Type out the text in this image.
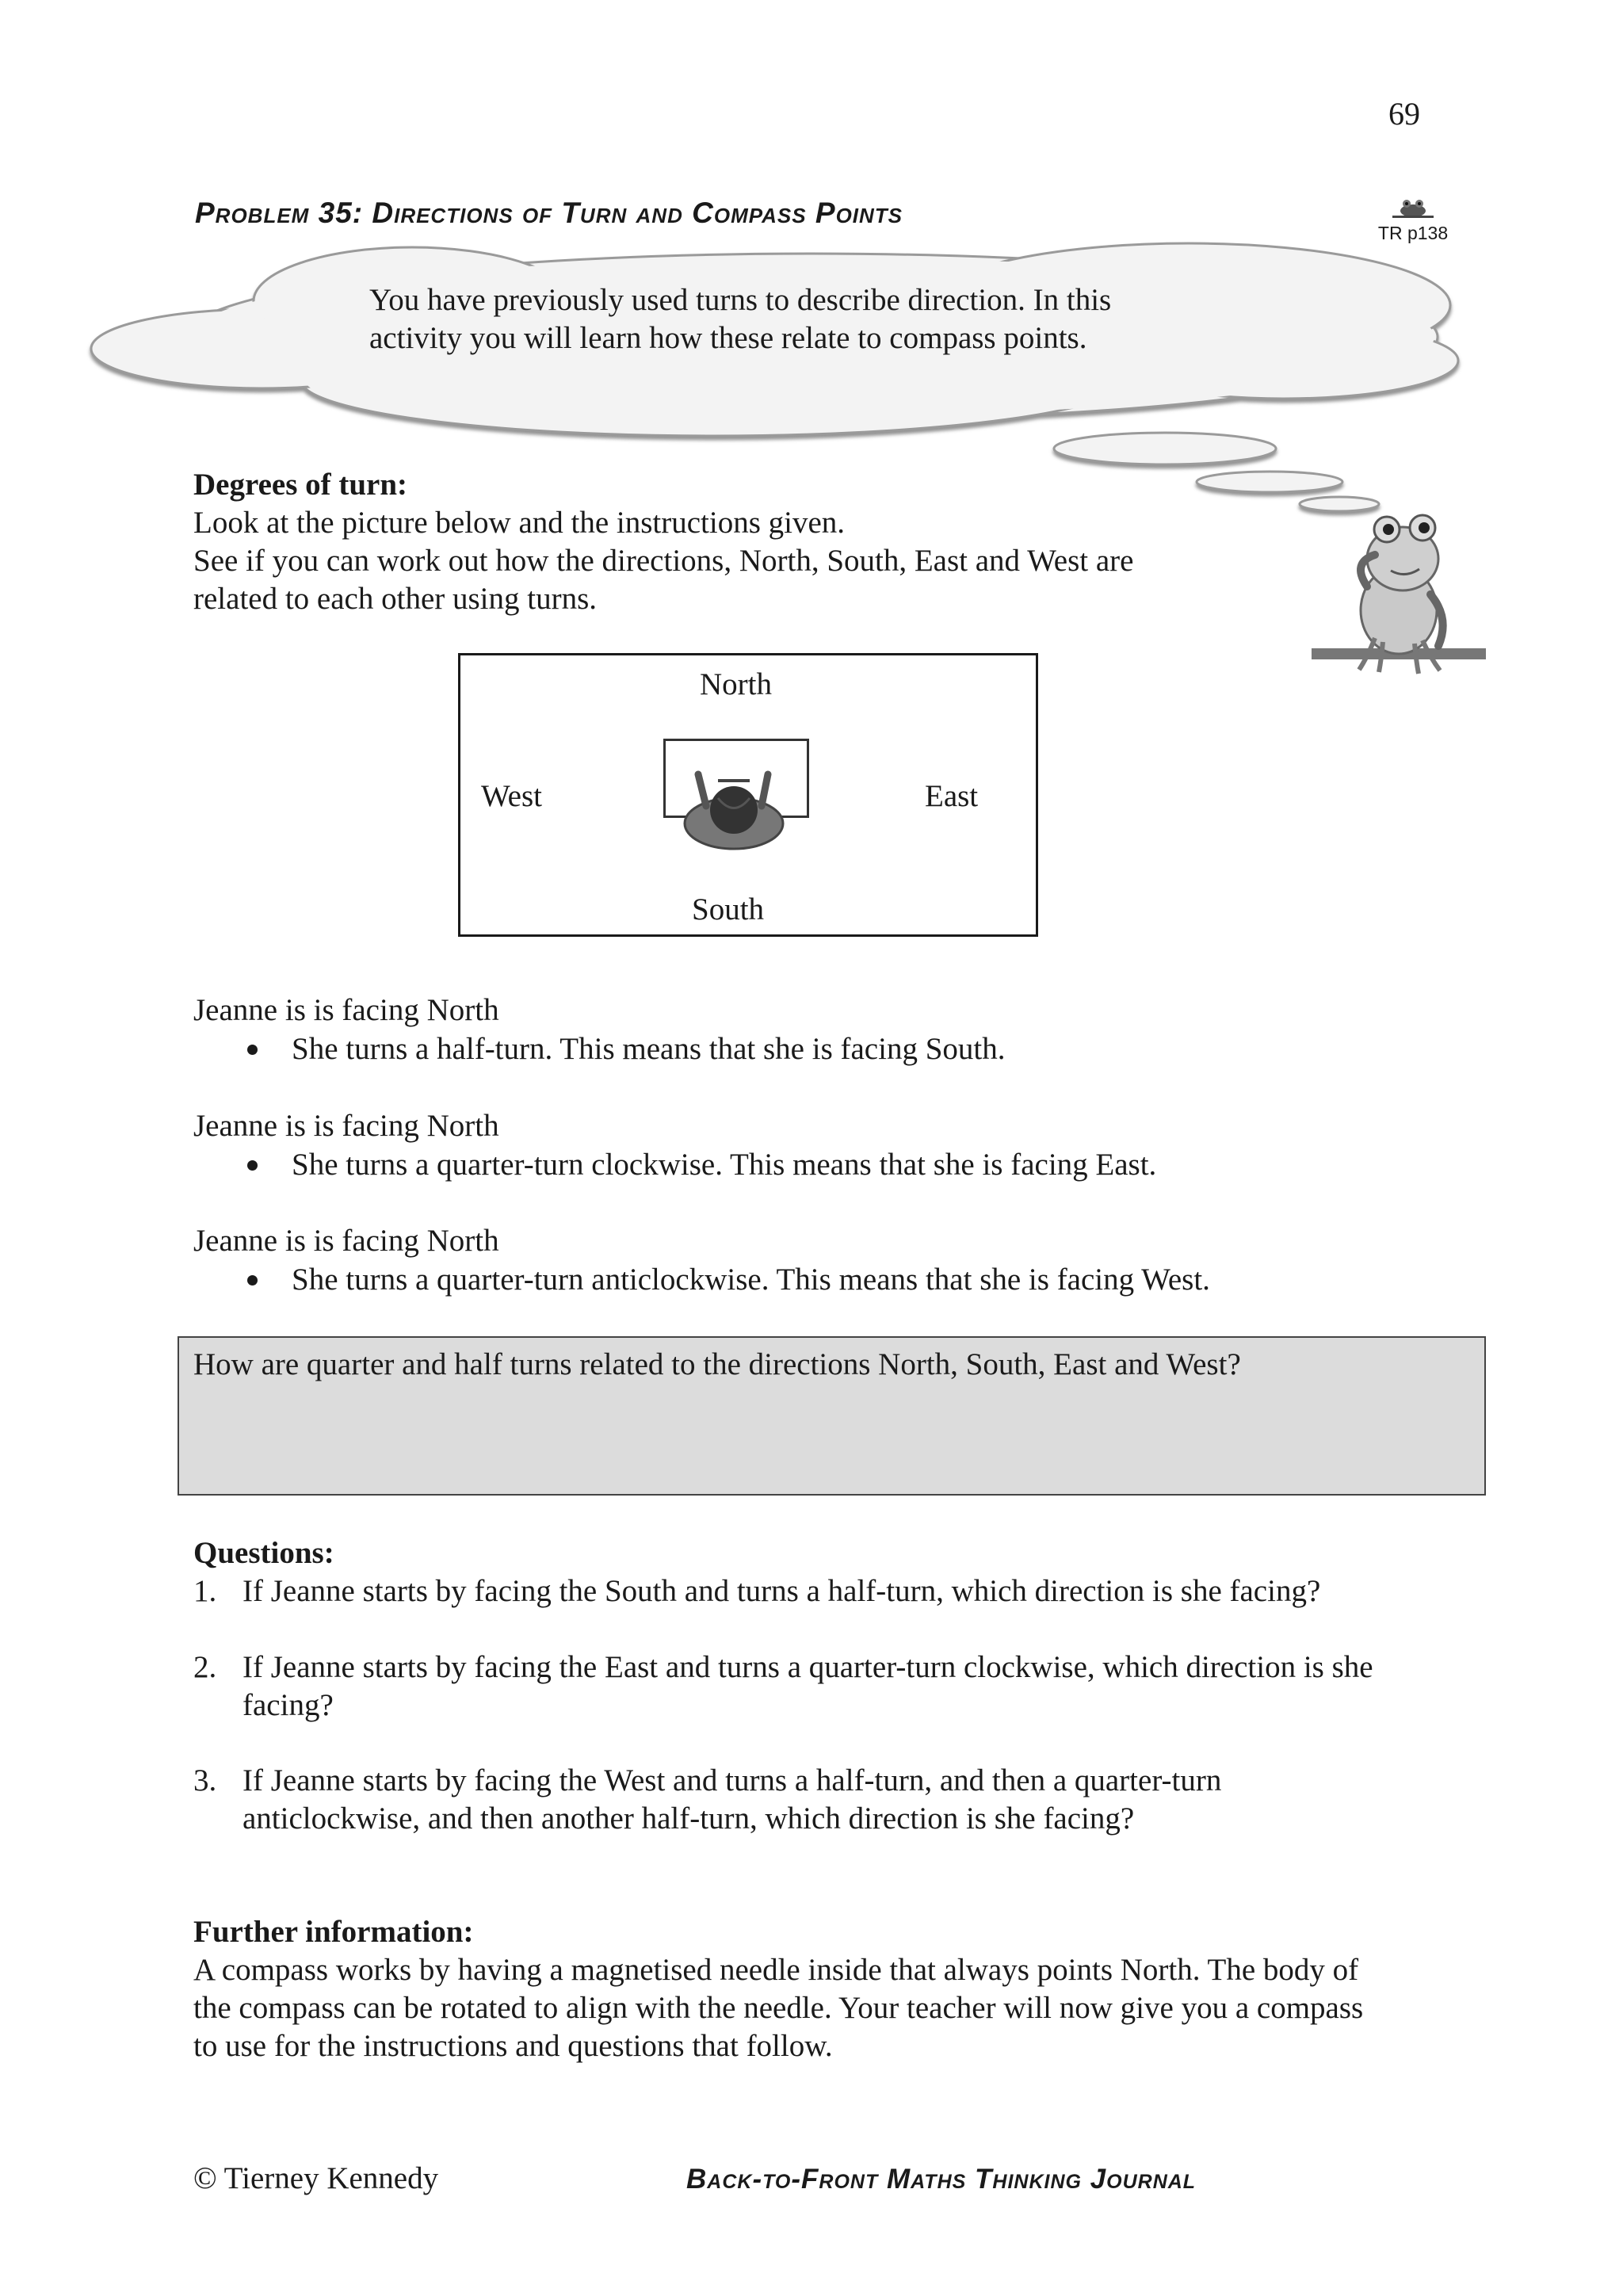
69
Problem 35: Directions of Turn and Compass Points
TR p138
You have previously used turns to describe direction. In this
activity you will learn how these relate to compass points.
Degrees of turn:
Look at the picture below and the instructions given.
See if you can work out how the directions, North, South, East and West are
related to each other using turns.
North
West	East
South
Jeanne is is facing North
She turns a half-turn. This means that she is facing South.
Jeanne is is facing North
She turns a quarter-turn clockwise. This means that she is facing East.
Jeanne is is facing North
She turns a quarter-turn anticlockwise. This means that she is facing West.
How are quarter and half turns related to the directions North, South, East and West?
Questions:
1. If Jeanne starts by facing the South and turns a half-turn, which direction is she facing?
2. If Jeanne starts by facing the East and turns a quarter-turn clockwise, which direction is she
facing?
3. If Jeanne starts by facing the West and turns a half-turn, and then a quarter-turn
anticlockwise, and then another half-turn, which direction is she facing?
Further information:
A compass works by having a magnetised needle inside that always points North. The body of
the compass can be rotated to align with the needle. Your teacher will now give you a compass
to use for the instructions and questions that follow.
© Tierney Kennedy	Back-to-Front Maths Thinking Journal
